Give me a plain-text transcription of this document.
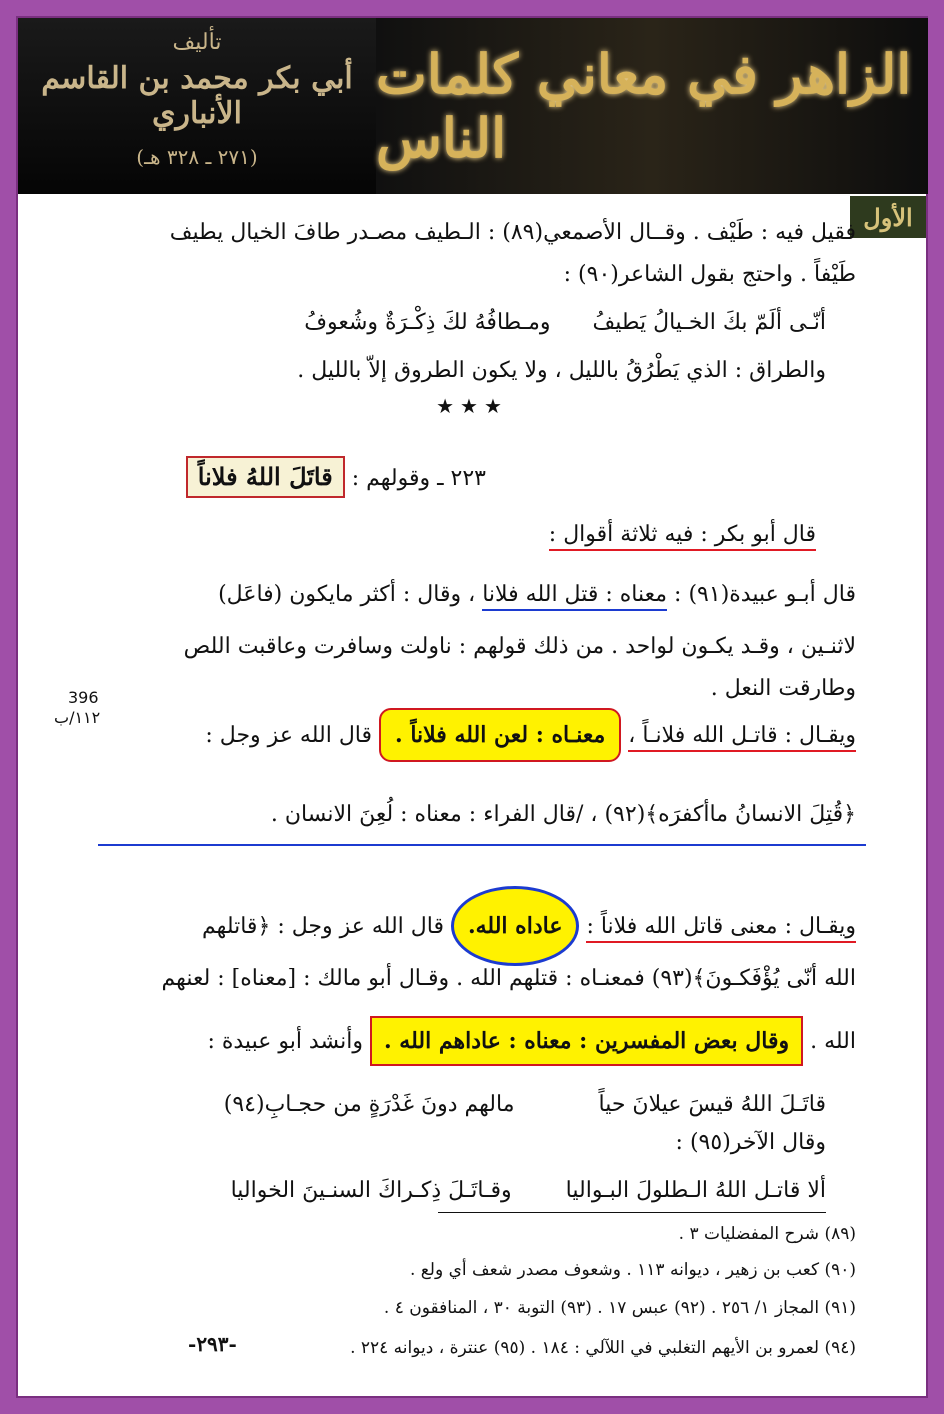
تأليف
أبي بكر محمد بن القاسم الأنباري
(٢٧١ ـ ٣٢٨ هـ)
الزاهر في معاني كلمات الناس
الأول
فقيل فيه : طَيْف . وقــال الأصمعي(٨٩) : الـطيف مصـدر طافَ الخيال يطيف
طَيْفاً . واحتج بقول الشاعر(٩٠) :
أنّـى ألَمّ بكَ الخـيالُ يَطيفُ      ومـطافُهُ لكَ ذِكْـرَةٌ وشُعوفُ
والطراق : الذي يَطْرُقُ بالليل ، ولا يكون الطروق إلاّ بالليل .
★★★
٢٢٣ ـ وقولهم : قاتَلَ اللهُ فلاناً
قال أبو بكر : فيه ثلاثة أقوال :
قال أبـو عبيدة(٩١) : معناه : قتل الله فلانا ، وقال : أكثر مايكون (فاعَل)
لاثنـين ، وقـد يكـون لواحد . من ذلك قولهم : ناولت وسافرت وعاقبت اللص
وطارقت النعل .
396
١١٢/ب
ويقـال : قاتـل الله فلانـاً ، معنـاه : لعن الله فلاناً . قال الله عز وجل :
﴿قُتِلَ الانسانُ ماأكفرَه﴾(٩٢) ، /قال الفراء : معناه : لُعِنَ الانسان .
ويقـال : معنى قاتل الله فلاناً : عاداه الله. قال الله عز وجل : ﴿قاتلهم
الله أنّى يُؤْفَكـونَ﴾(٩٣) فمعنـاه : قتلهم الله . وقـال أبو مالك : [معناه] : لعنهم
الله . وقال بعض المفسرين : معناه : عاداهم الله . وأنشد أبو عبيدة :
قاتَـلَ اللهُ قيسَ عيلانَ حياً  مالهم دونَ غَدْرَةٍ من حجـابِ(٩٤)
وقال الآخر(٩٥) :
ألا قاتـل اللهُ الـطلولَ البـواليا  وقـاتَـلَ ذِكـراكَ السنـينَ الخواليا
(٨٩) شرح المفضليات ٣ .
(٩٠) كعب بن زهير ، ديوانه ١١٣ . وشعوف مصدر شعف أي ولع .
(٩١) المجاز ١/ ٢٥٦ . (٩٢) عبس ١٧ . (٩٣) التوبة ٣٠ ، المنافقون ٤ .
(٩٤) لعمرو بن الأيهم التغلبي في اللآلي : ١٨٤ . (٩٥) عنترة ، ديوانه ٢٢٤ .
-٢٩٣-
